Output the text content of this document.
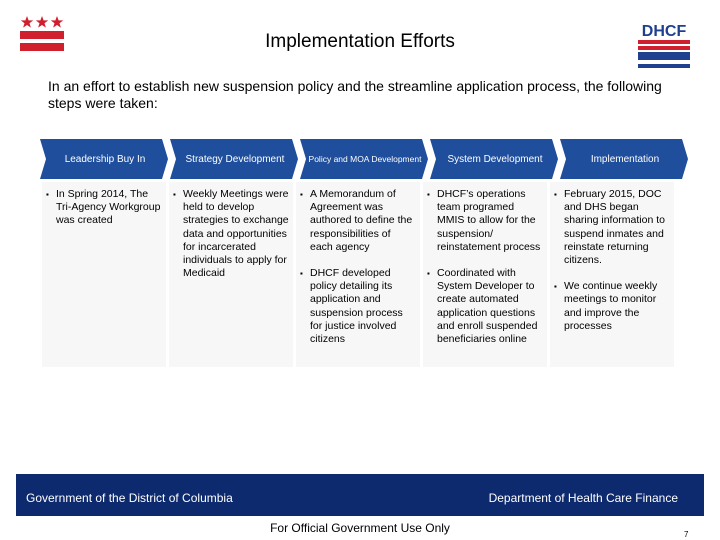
Implementation Efforts	DHCF
In an effort to establish new suspension policy and the streamline application process, the following steps were taken:
Leadership Buy In	Strategy Development	Policy and MOA Development	System Development	Implementation
▪ In Spring 2014, The Tri-Agency Workgroup was created
▪ Weekly Meetings were held to develop strategies to exchange data and opportunities for incarcerated individuals to apply for Medicaid
▪ A Memorandum of Agreement was authored to define the responsibilities of each agency
▪ DHCF developed policy detailing its application and suspension process for justice involved citizens
▪ DHCF’s operations team programed MMIS to allow for the suspension/ reinstatement process
▪ Coordinated with System Developer to create automated application questions and enroll suspended beneficiaries online
▪ February 2015, DOC and DHS began sharing information to suspend inmates and reinstate returning citizens.
▪ We continue weekly meetings to monitor and improve the processes
Government of the District of Columbia	Department of Health Care Finance
For Official Government Use Only	7
